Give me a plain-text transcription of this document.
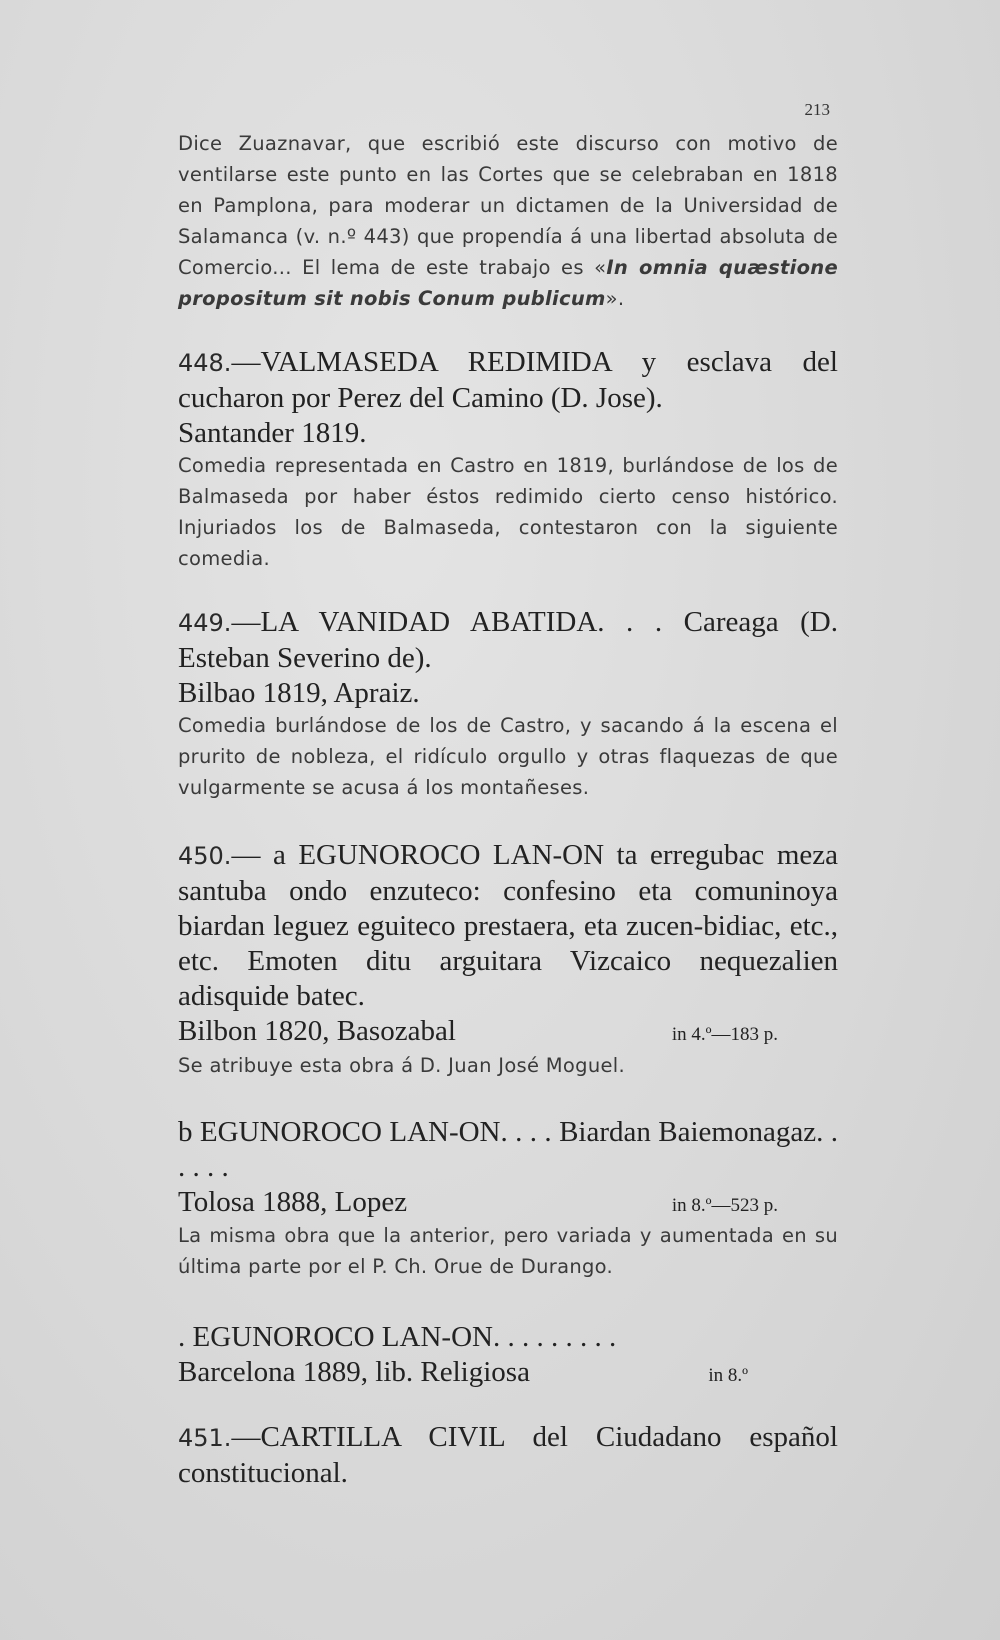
213
Dice Zuaznavar, que escribió este discurso con motivo de ventilarse este punto en las Cortes que se celebraban en 1818 en Pamplona, para moderar un dictamen de la Universidad de Salamanca (v. n.º 443) que propendía á una libertad absoluta de Comercio... El lema de este trabajo es «In omnia quæstione propositum sit nobis Conum publicum».

448.—VALMASEDA REDIMIDA y esclava del cucharon por Perez del Camino (D. Jose).

Santander 1819.

Comedia representada en Castro en 1819, burlándose de los de Balmaseda por haber éstos redimido cierto censo histórico. Injuriados los de Balmaseda, contestaron con la siguiente comedia.

449.—LA VANIDAD ABATIDA. . . Careaga (D. Esteban Severino de).

Bilbao 1819, Apraiz.

Comedia burlándose de los de Castro, y sacando á la escena el prurito de nobleza, el ridículo orgullo y otras flaquezas de que vulgarmente se acusa á los montañeses.

450.— a EGUNOROCO LAN-ON ta erregubac meza santuba ondo enzuteco: confesino eta comuninoya biardan leguez eguiteco prestaera, eta zucen-bidiac, etc., etc. Emoten ditu arguitara Vizcaico nequezalien adisquide batec.

Bilbon 1820, Basozabal	in 4.º—183 p.
Se atribuye esta obra á D. Juan José Moguel.

b EGUNOROCO LAN-ON. . . . Biardan Baiemonagaz. . . . . .

Tolosa 1888, Lopez	in 8.º—523 p.
La misma obra que la anterior, pero variada y aumentada en su última parte por el P. Ch. Orue de Durango.

. EGUNOROCO LAN-ON. . . . . . . . .

Barcelona 1889, lib. Religiosa	in 8.º

451.—CARTILLA CIVIL del Ciudadano español constitucional.
